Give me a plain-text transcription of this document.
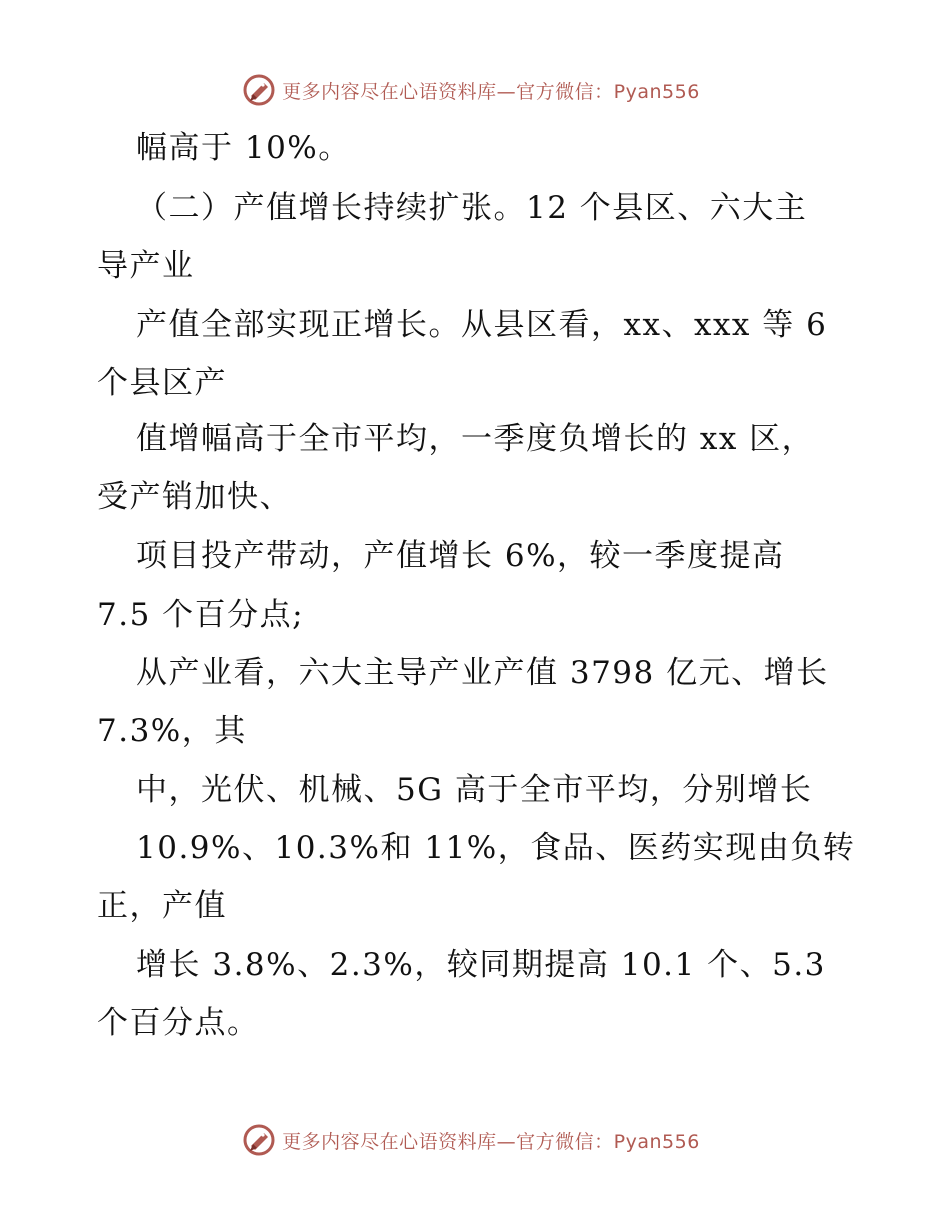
更多内容尽在心语资料库—官方微信：Pyan556
幅高于 10%。
（二）产值增长持续扩张。12 个县区、六大主
导产业
产值全部实现正增长。从县区看，xx、xxx 等 6
个县区产
值增幅高于全市平均，一季度负增长的 xx 区，
受产销加快、
项目投产带动，产值增长 6%，较一季度提高
7.5 个百分点;
从产业看，六大主导产业产值 3798 亿元、增长
7.3%，其
中，光伏、机械、5G 高于全市平均，分别增长
10.9%、10.3%和 11%，食品、医药实现由负转
正，产值
增长 3.8%、2.3%，较同期提高 10.1 个、5.3
个百分点。
更多内容尽在心语资料库—官方微信：Pyan556
